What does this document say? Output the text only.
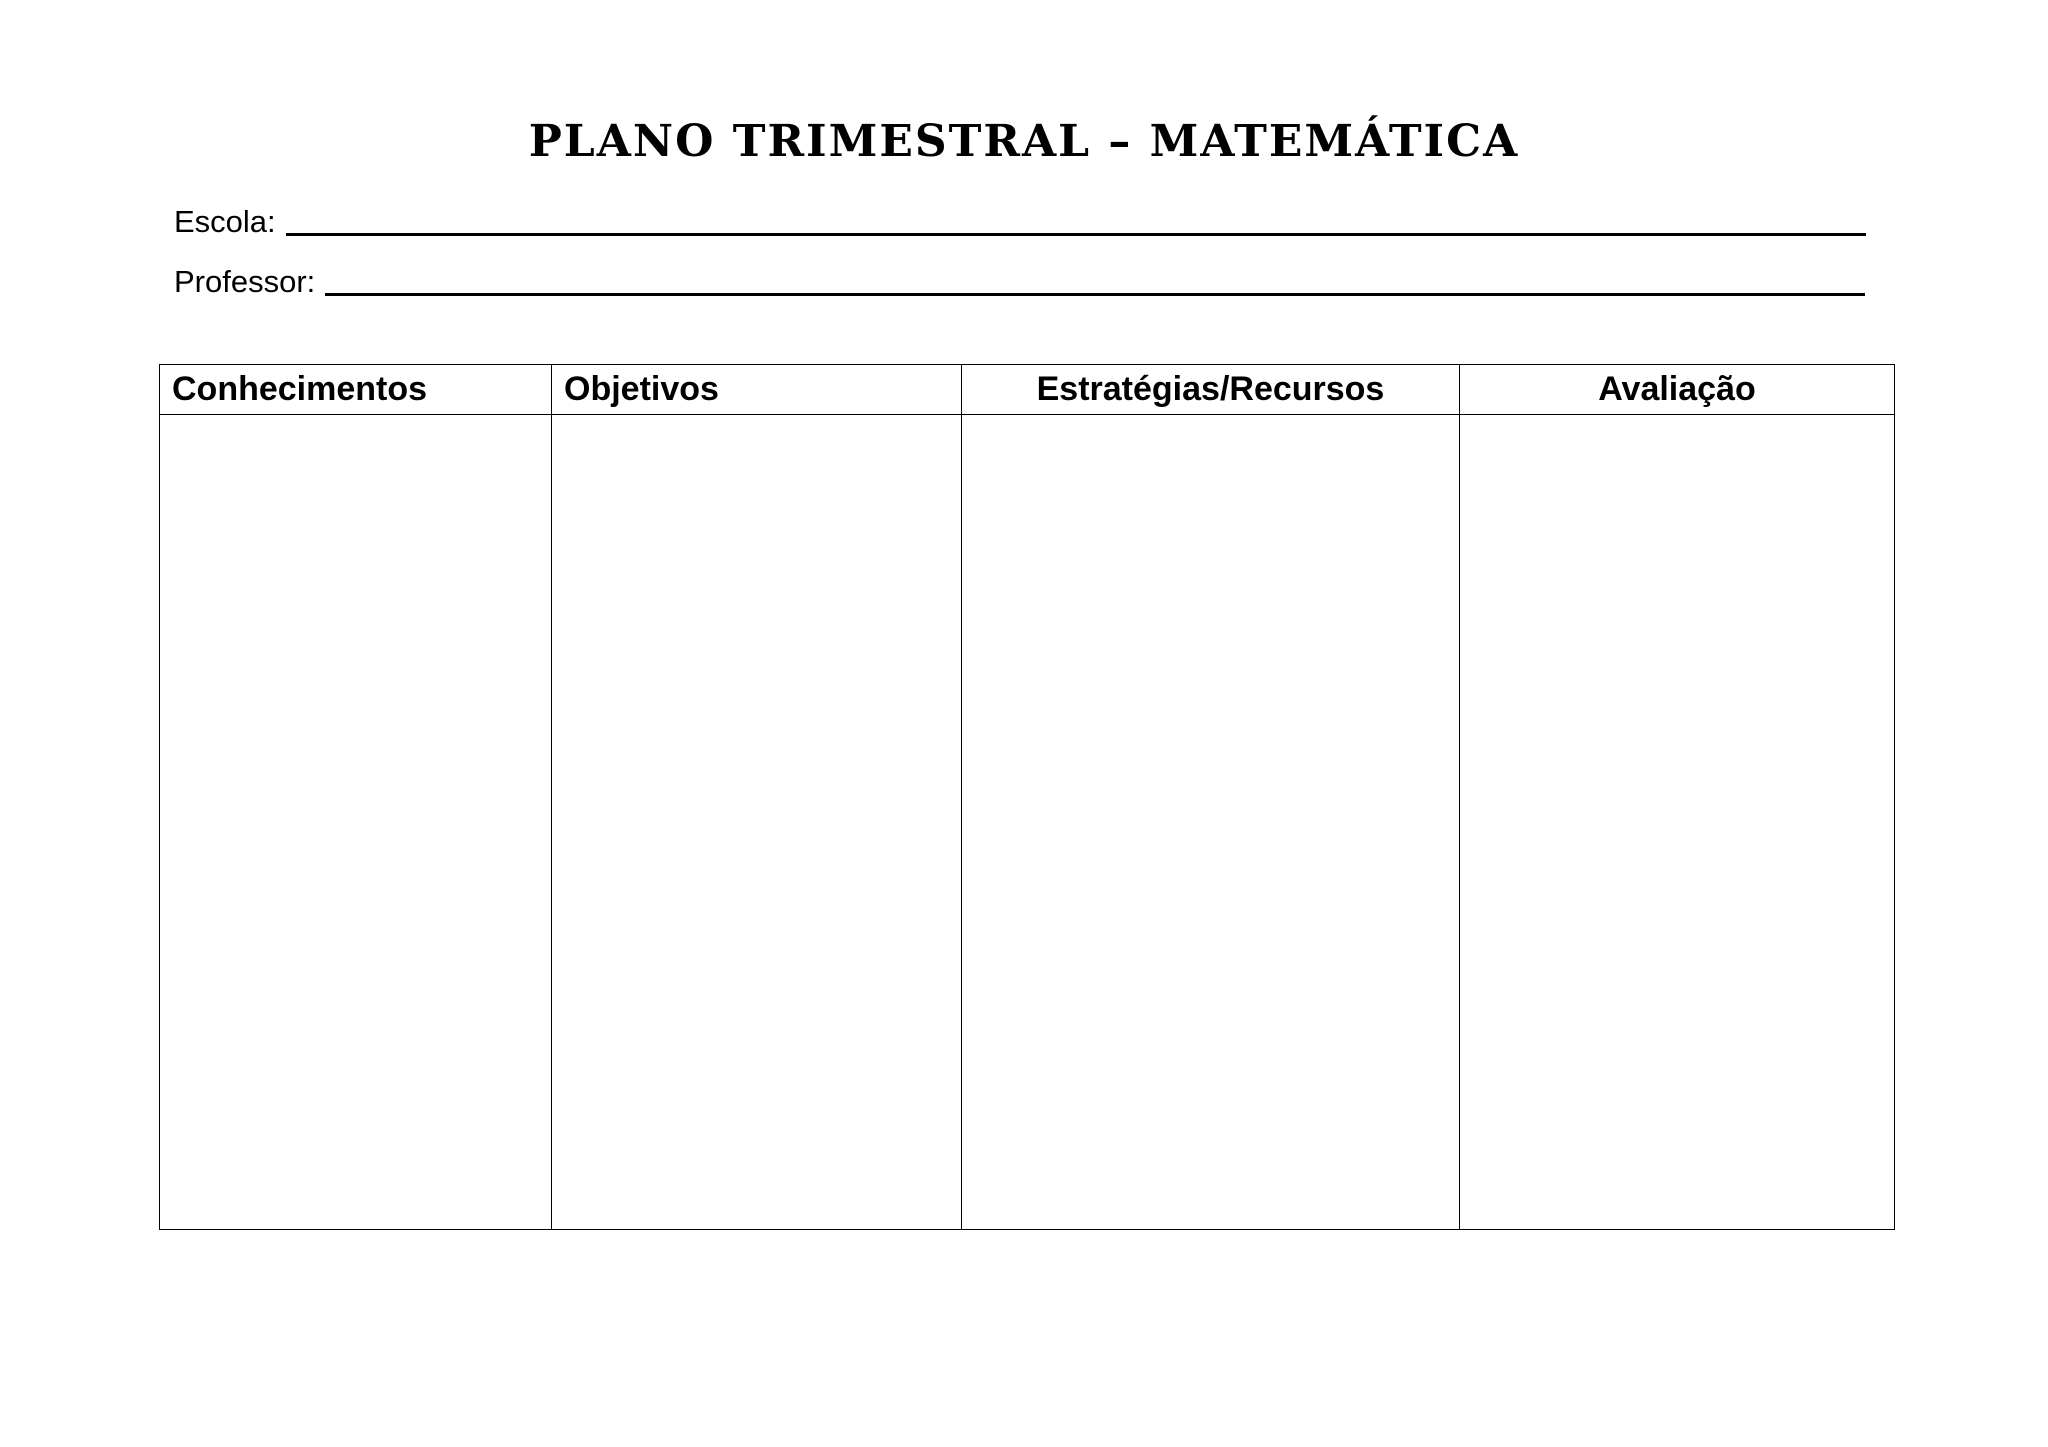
PLANO TRIMESTRAL – MATEMÁTICA
Escola:
Professor:
Conhecimentos	Objetivos	Estratégias/Recursos	Avaliação
